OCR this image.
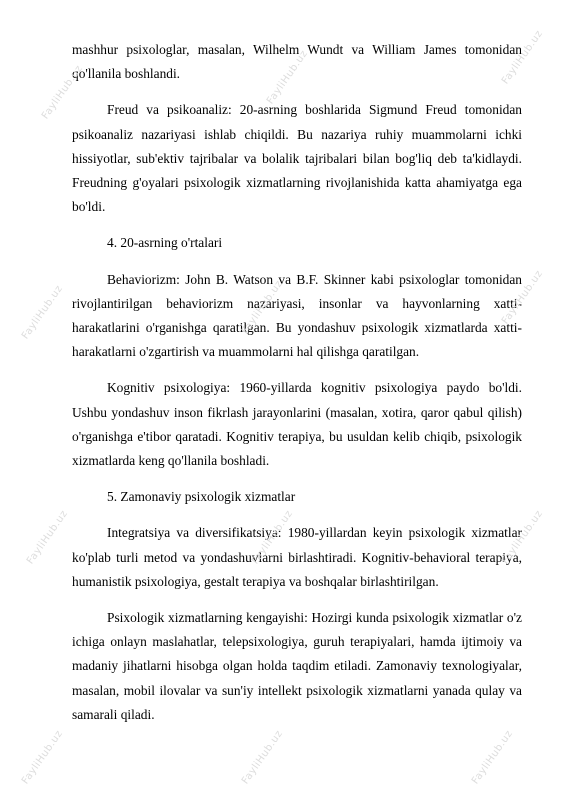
mashhur psixologlar, masalan, Wilhelm Wundt va William James tomonidan qo'llanila boshlandi.

Freud va psikoanaliz: 20-asrning boshlarida Sigmund Freud tomonidan psikoanaliz nazariyasi ishlab chiqildi. Bu nazariya ruhiy muammolarni ichki hissiyotlar, sub'ektiv tajribalar va bolalik tajribalari bilan bog'liq deb ta'kidlaydi. Freudning g'oyalari psixologik xizmatlarning rivojlanishida katta ahamiyatga ega bo'ldi.

4. 20-asrning o'rtalari

Behaviorizm: John B. Watson va B.F. Skinner kabi psixologlar tomonidan rivojlantirilgan behaviorizm nazariyasi, insonlar va hayvonlarning xatti-harakatlarini o'rganishga qaratilgan. Bu yondashuv psixologik xizmatlarda xatti-harakatlarni o'zgartirish va muammolarni hal qilishga qaratilgan.

Kognitiv psixologiya: 1960-yillarda kognitiv psixologiya paydo bo'ldi. Ushbu yondashuv inson fikrlash jarayonlarini (masalan, xotira, qaror qabul qilish) o'rganishga e'tibor qaratadi. Kognitiv terapiya, bu usuldan kelib chiqib, psixologik xizmatlarda keng qo'llanila boshladi.

5. Zamonaviy psixologik xizmatlar

Integratsiya va diversifikatsiya: 1980-yillardan keyin psixologik xizmatlar ko'plab turli metod va yondashuvlarni birlashtiradi. Kognitiv-behavioral terapiya, humanistik psixologiya, gestalt terapiya va boshqalar birlashtirilgan.

Psixologik xizmatlarning kengayishi: Hozirgi kunda psixologik xizmatlar o'z ichiga onlayn maslahatlar, telepsixologiya, guruh terapiyalari, hamda ijtimoiy va madaniy jihatlarni hisobga olgan holda taqdim etiladi. Zamonaviy texnologiyalar, masalan, mobil ilovalar va sun'iy intellekt psixologik xizmatlarni yanada qulay va samarali qiladi.

FayliHub.uz	FayliHub.uz	FayliHub.uz
FayliHub.uz	FayliHub.uz	FayliHub.uz
FayliHub.uz	FayliHub.uz	FayliHub.uz
FayliHub.uz	FayliHub.uz	FayliHub.uz
